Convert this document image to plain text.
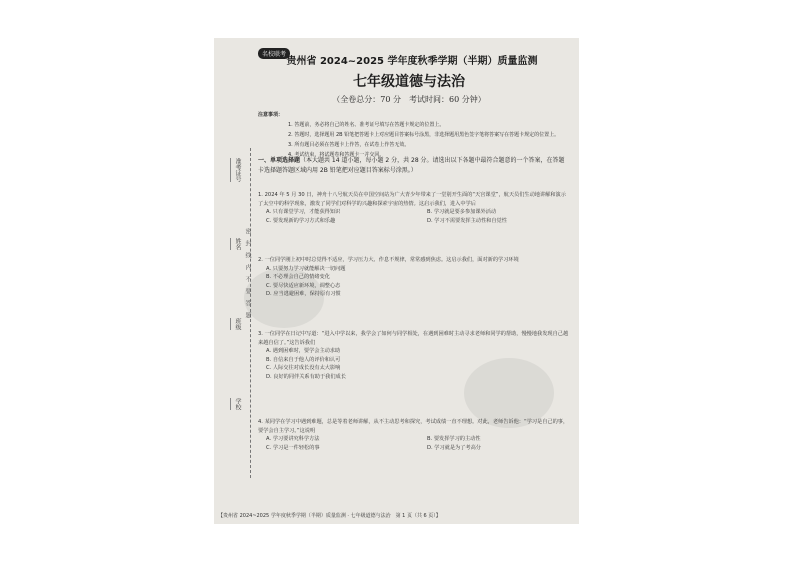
名校联考
贵州省 2024~2025 学年度秋季学期（半期）质量监测
七年级道德与法治
（全卷总分：70 分　考试时间：60 分钟）
准考证号
姓名
班级
学校
密　封　线　内　不　要　答　题
注意事项：
1. 答题前，务必将自己的姓名、准考证号填写在答题卡规定的位置上。
2. 答题时，选择题用 2B 铅笔把答题卡上对应题目答案标号涂黑，非选择题用黑色签字笔将答案写在答题卡规定的位置上。
3. 所有题目必须在答题卡上作答，在试卷上作答无效。
4. 考试结束，将试题卷和答题卡一并交回。
一、单项选择题（本大题共 14 道小题，每小题 2 分，共 28 分。请选出以下各题中最符合题意的一个答案，在答题卡选择题答题区域内用 2B 铅笔把对应题目答案标号涂黑。）
1. 2024 年 5 月 30 日，神舟十八号航天员在中国空间站为广大青少年带来了一堂别开生面的“天宫课堂”，航天员们生动地讲解和演示了太空中的科学现象，激发了同学们对科学的兴趣和探索宇宙的热情。这启示我们，进入中学后
A. 只有课堂学习，才能获得知识	B. 学习就是要多参加课外活动
C. 要发现新的学习方式和乐趣	D. 学习不需要发挥主动性和自觉性
2. 一位同学刚上初中时总觉得不适应，学习压力大、作息不规律，常常感到焦虑。这启示我们，面对新的学习环境
A. 只要努力学习就能解决一切问题
B. 不必理会自己的情绪变化
C. 要尽快适应新环境，调整心态
D. 应当逃避困难，保持原有习惯
3. 一位同学在日记中写道：“进入中学以来，我学会了如何与同学相处，在遇到困难时主动寻求老师和同学的帮助，慢慢地我发现自己越来越自信了。”这告诉我们
A. 遇到困难时，要学会主动求助
B. 自信来自于他人的评价和认可
C. 人际交往对成长没有太大影响
D. 良好的同伴关系有助于我们成长
4. 某同学在学习中遇到难题，总是等着老师讲解，从不主动思考和探究，考试成绩一直不理想。对此，老师告诉他：“学习是自己的事，要学会自主学习。”这说明
A. 学习要讲究科学方法	B. 要发挥学习的主动性
C. 学习是一件轻松的事	D. 学习就是为了考高分
【贵州省 2024~2025 学年度秋季学期（半期）质量监测 · 七年级道德与法治　第 1 页（共 6 页）】
